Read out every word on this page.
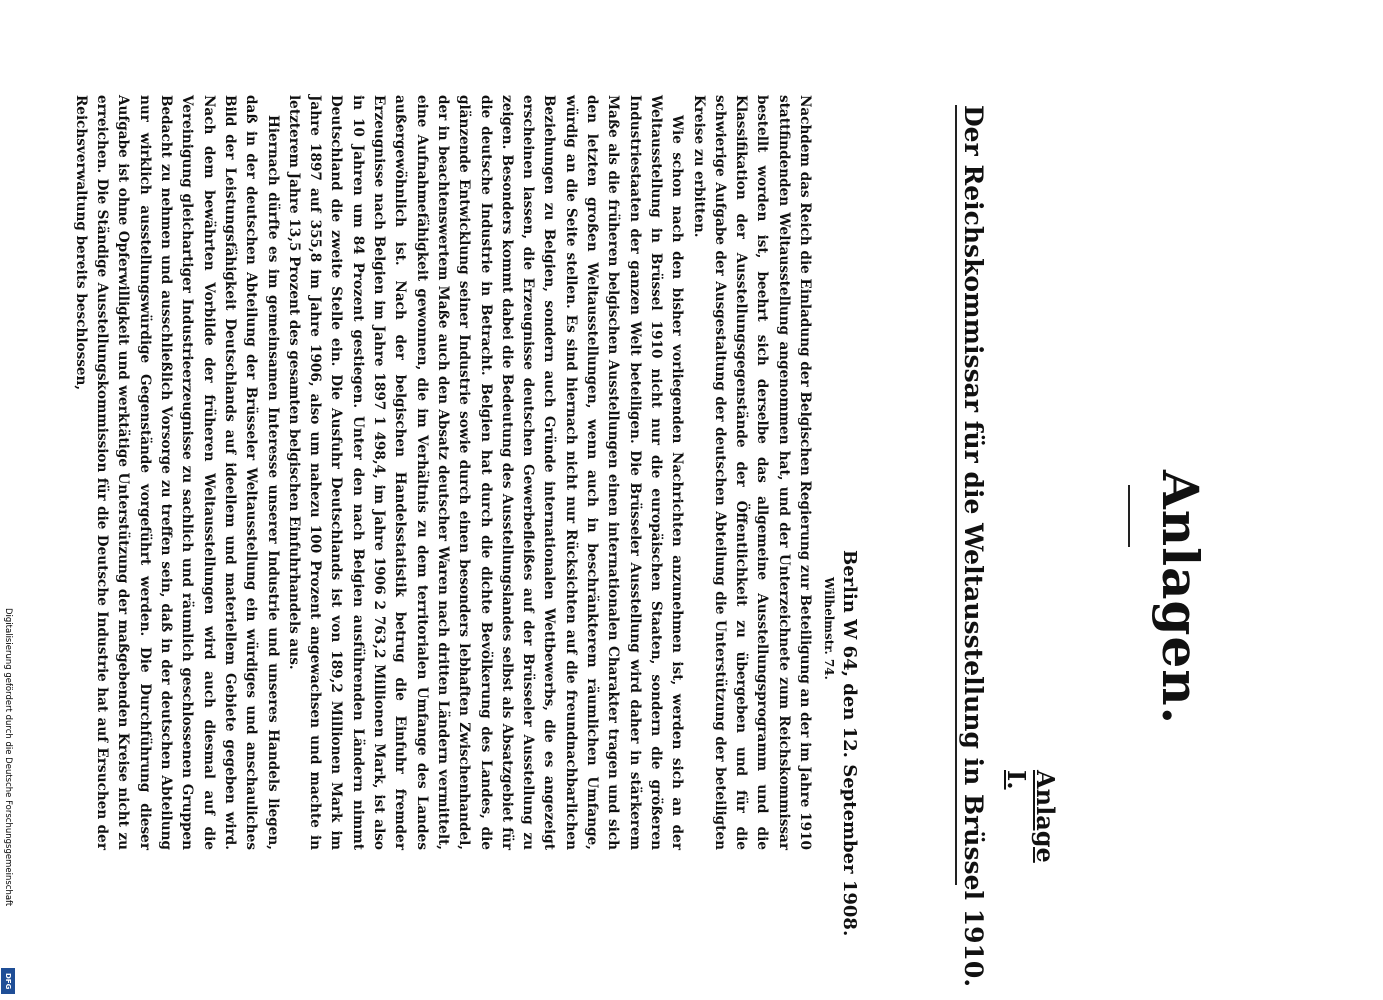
Anlagen.
Anlage I.
Der Reichskommissar für die Weltausstellung in Brüssel 1910.
Berlin W 64, den 12. September 1908.
Wilhelmstr. 74.

Nachdem das Reich die Einladung der Belgischen Regierung zur Beteiligung an der im Jahre 1910 stattfindenden Weltausstellung angenommen hat, und der Unterzeichnete zum Reichskommissar bestellt worden ist, beehrt sich derselbe das allgemeine Ausstellungsprogramm und die Klassifikation der Ausstellungsgegenstände der Öffentlichkeit zu übergeben und für die schwierige Aufgabe der Ausgestaltung der deutschen Abteilung die Unterstützung der beteiligten Kreise zu erbitten.

Wie schon nach den bisher vorliegenden Nachrichten anzunehmen ist, werden sich an der Weltausstellung in Brüssel 1910 nicht nur die europäischen Staaten, sondern die größeren Industriestaaten der ganzen Welt beteiligen. Die Brüsseler Ausstellung wird daher in stärkerem Maße als die früheren belgischen Ausstellungen einen internationalen Charakter tragen und sich den letzten großen Weltausstellungen, wenn auch in beschränkterem räumlichen Umfange, würdig an die Seite stellen. Es sind hiernach nicht nur Rücksichten auf die freundnachbarlichen Beziehungen zu Belgien, sondern auch Gründe internationalen Wettbewerbs, die es angezeigt erscheinen lassen, die Erzeugnisse deutschen Gewerbefleißes auf der Brüsseler Ausstellung zu zeigen. Besonders kommt dabei die Bedeutung des Ausstellungslandes selbst als Absatzgebiet für die deutsche Industrie in Betracht. Belgien hat durch die dichte Bevölkerung des Landes, die glänzende Entwicklung seiner Industrie sowie durch einen besonders lebhaften Zwischenhandel, der in beachtenswertem Maße auch den Absatz deutscher Waren nach dritten Ländern vermittelt, eine Aufnahmefähigkeit gewonnen, die im Verhältnis zu dem territorialen Umfange des Landes außergewöhnlich ist. Nach der belgischen Handelsstatistik betrug die Einfuhr fremder Erzeugnisse nach Belgien im Jahre 1897 1 498,4, im Jahre 1906 2 763,2 Millionen Mark, ist also in 10 Jahren um 84 Prozent gestiegen. Unter den nach Belgien ausführenden Ländern nimmt Deutschland die zweite Stelle ein. Die Ausfuhr Deutschlands ist von 189,2 Millionen Mark im Jahre 1897 auf 355,8 im Jahre 1906, also um nahezu 100 Prozent angewachsen und machte in letzterem Jahre 13,5 Prozent des gesamten belgischen Einfuhrhandels aus.

Hiernach dürfte es im gemeinsamen Interesse unserer Industrie und unseres Handels liegen, daß in der deutschen Abteilung der Brüsseler Weltausstellung ein würdiges und anschauliches Bild der Leistungsfähigkeit Deutschlands auf ideellem und materiellem Gebiete gegeben wird. Nach dem bewährten Vorbilde der früheren Weltausstellungen wird auch diesmal auf die Vereinigung gleichartiger Industrieerzeugnisse zu sachlich und räumlich geschlossenen Gruppen Bedacht zu nehmen und ausschließlich Vorsorge zu treffen sein, daß in der deutschen Abteilung nur wirklich ausstellungswürdige Gegenstände vorgeführt werden. Die Durchführung dieser Aufgabe ist ohne Opferwilligkeit und werktätige Unterstützung der maßgebenden Kreise nicht zu erreichen. Die Ständige Ausstellungskommission für die Deutsche Industrie hat auf Ersuchen der Reichsverwaltung bereits beschlossen,

Digitalisierung gefördert durch die Deutsche Forschungsgemeinschaft
DFG
